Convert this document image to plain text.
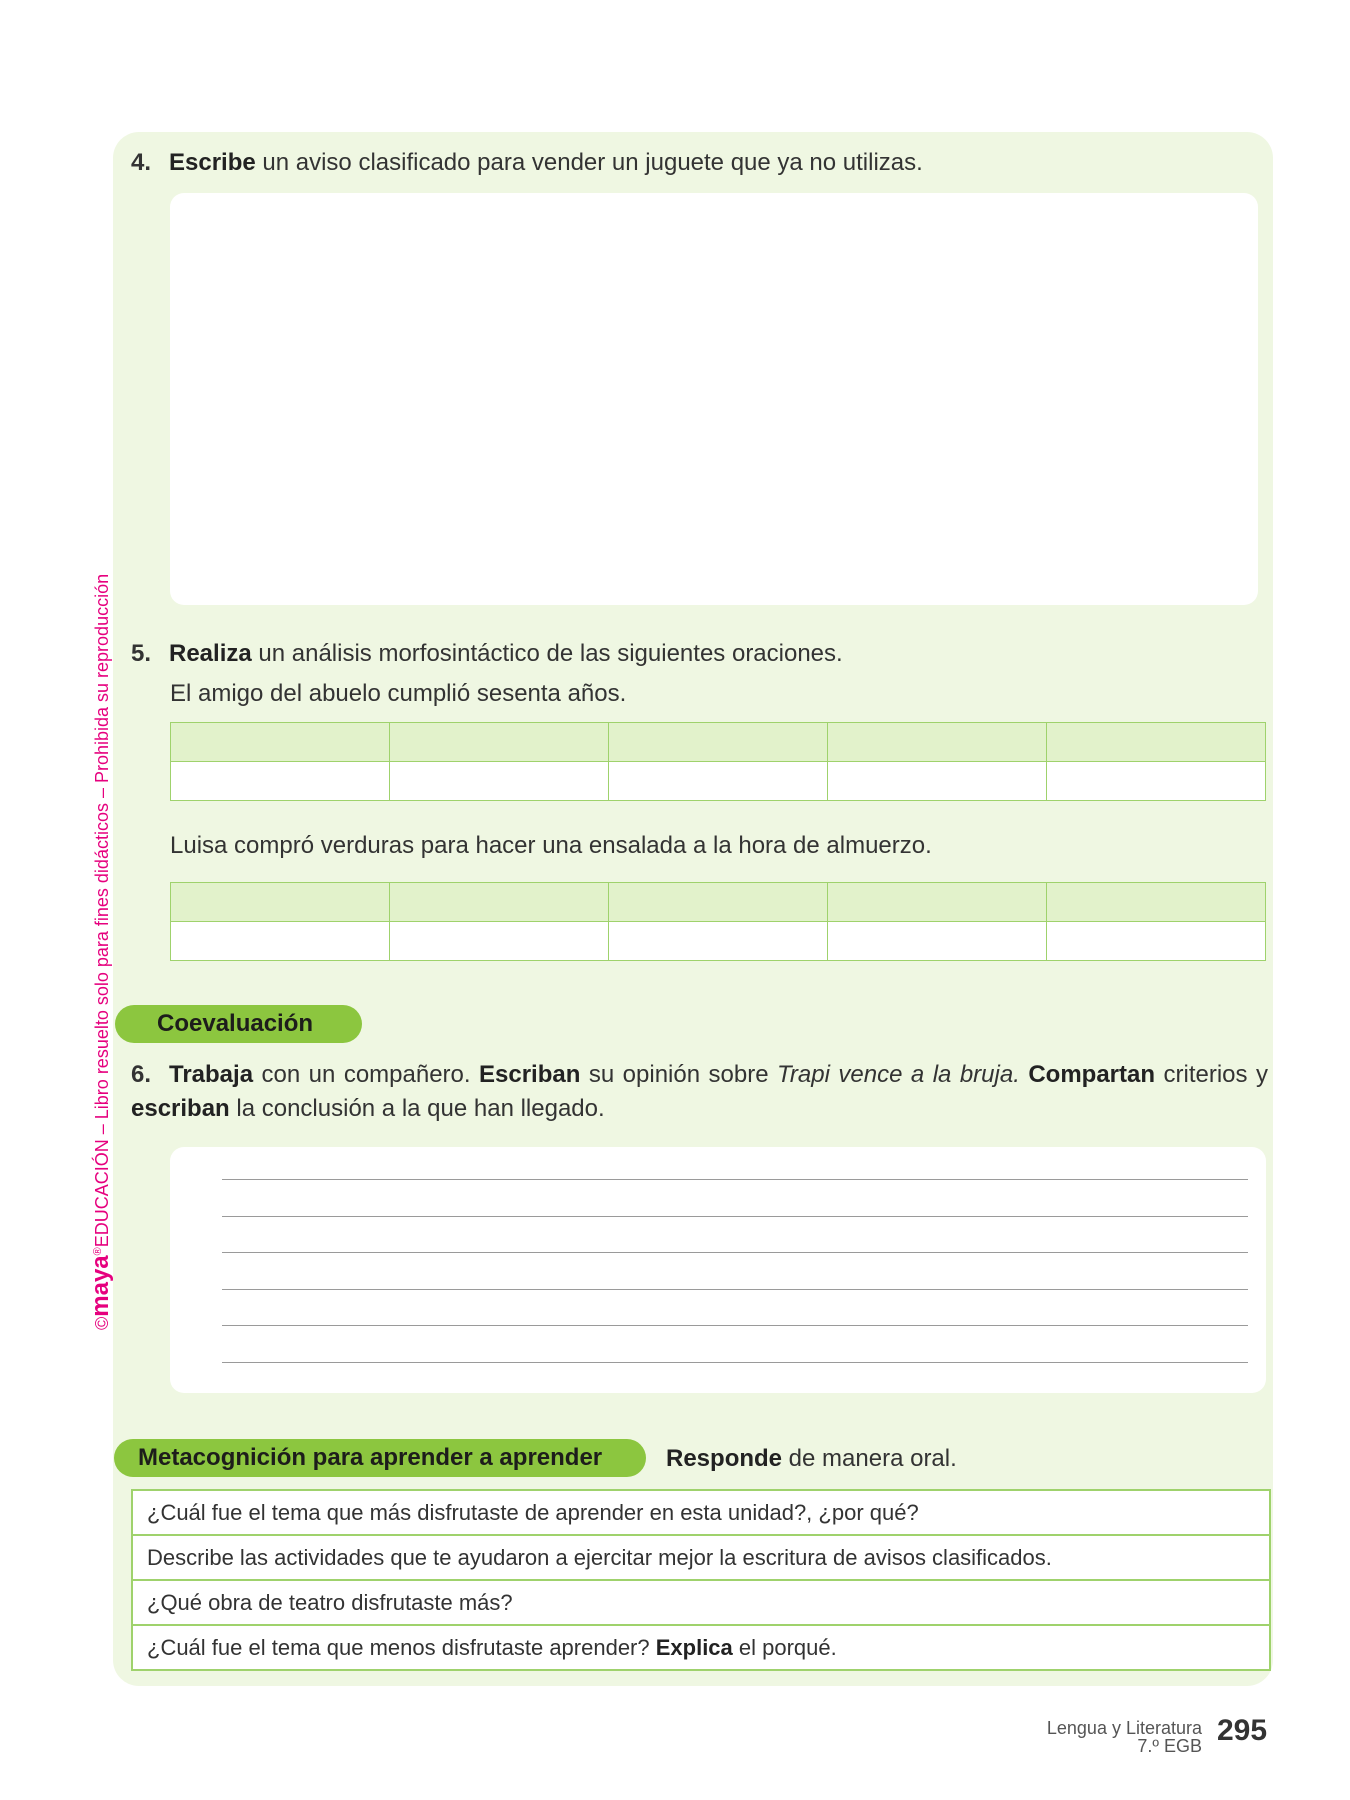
©maya®EDUCACIÓN – Libro resuelto solo para fines didácticos – Prohibida su reproducción
4. Escribe un aviso clasificado para vender un juguete que ya no utilizas.
5. Realiza un análisis morfosintáctico de las siguientes oraciones.
El amigo del abuelo cumplió sesenta años.

Luisa compró verduras para hacer una ensalada a la hora de almuerzo.

Coevaluación
6. Trabaja con un compañero. Escriban su opinión sobre Trapi vence a la bruja. Compartan criterios y escriban la conclusión a la que han llegado.
Metacognición para aprender a aprender	Responde de manera oral.
¿Cuál fue el tema que más disfrutaste de aprender en esta unidad?, ¿por qué?
Describe las actividades que te ayudaron a ejercitar mejor la escritura de avisos clasificados.
¿Qué obra de teatro disfrutaste más?
¿Cuál fue el tema que menos disfrutaste aprender? Explica el porqué.
Lengua y Literatura
7.º EGB 295
